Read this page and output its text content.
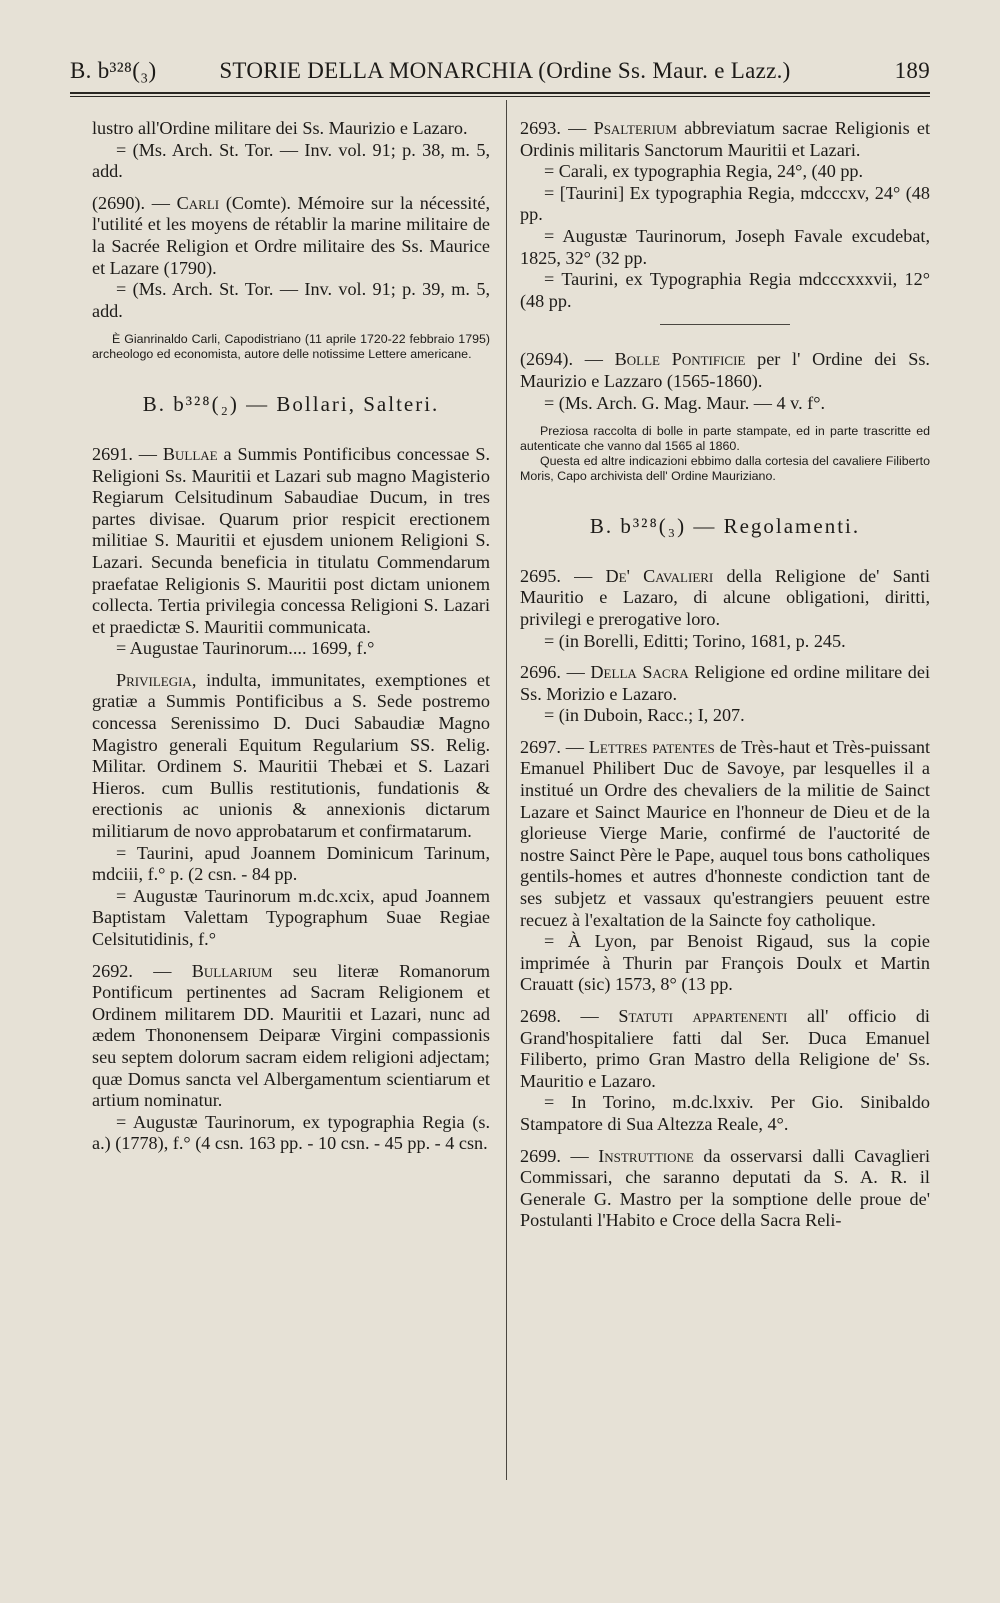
B. b³²⁸(₃)	STORIE DELLA MONARCHIA (Ordine Ss. Maur. e Lazz.)	189

lustro all'Ordine militare dei Ss. Maurizio e Lazaro.

= (Ms. Arch. St. Tor. — Inv. vol. 91; p. 38, m. 5, add.

(2690). — Carli (Comte). Mémoire sur la nécessité, l'utilité et les moyens de rétablir la marine militaire de la Sacrée Religion et Ordre militaire des Ss. Maurice et Lazare (1790).

= (Ms. Arch. St. Tor. — Inv. vol. 91; p. 39, m. 5, add.

È Gianrinaldo Carli, Capodistriano (11 aprile 1720-22 febbraio 1795) archeologo ed economista, autore delle notissime Lettere americane.
B. b³²⁸(₂) — Bollari, Salteri.

2691. — Bullae a Summis Pontificibus concessae S. Religioni Ss. Mauritii et Lazari sub magno Magisterio Regiarum Celsitudinum Sabaudiae Ducum, in tres partes divisae. Quarum prior respicit erectionem militiae S. Mauritii et ejusdem unionem Religioni S. Lazari. Secunda beneficia in titulatu Commendarum praefatae Religionis S. Mauritii post dictam unionem collecta. Tertia privilegia concessa Religioni S. Lazari et praedictæ S. Mauritii communicata.

= Augustae Taurinorum.... 1699, f.°

Privilegia, indulta, immunitates, exemptiones et gratiæ a Summis Pontificibus a S. Sede postremo concessa Serenissimo D. Duci Sabaudiæ Magno Magistro generali Equitum Regularium SS. Relig. Militar. Ordinem S. Mauritii Thebæi et S. Lazari Hieros. cum Bullis restitutionis, fundationis & erectionis ac unionis & annexionis dictarum militiarum de novo approbatarum et confirmatarum.

= Taurini, apud Joannem Dominicum Tarinum, mdciii, f.° p. (2 csn. - 84 pp.

= Augustæ Taurinorum m.dc.xcix, apud Joannem Baptistam Valettam Typographum Suae Regiae Celsitutidinis, f.°

2692. — Bullarium seu literæ Romanorum Pontificum pertinentes ad Sacram Religionem et Ordinem militarem DD. Mauritii et Lazari, nunc ad ædem Thononensem Deiparæ Virgini compassionis seu septem dolorum sacram eidem religioni adjectam; quæ Domus sancta vel Albergamentum scientiarum et artium nominatur.

= Augustæ Taurinorum, ex typographia Regia (s. a.) (1778), f.° (4 csn. 163 pp. - 10 csn. - 45 pp. - 4 csn.

2693. — Psalterium abbreviatum sacrae Religionis et Ordinis militaris Sanctorum Mauritii et Lazari.

= Carali, ex typographia Regia, 24°, (40 pp.

= [Taurini] Ex typographia Regia, mdcccxv, 24° (48 pp.

= Augustæ Taurinorum, Joseph Favale excudebat, 1825, 32° (32 pp.

= Taurini, ex Typographia Regia mdcccxxxvii, 12° (48 pp.

(2694). — Bolle Pontificie per l' Ordine dei Ss. Maurizio e Lazzaro (1565-1860).

= (Ms. Arch. G. Mag. Maur. — 4 v. f°.

Preziosa raccolta di bolle in parte stampate, ed in parte trascritte ed autenticate che vanno dal 1565 al 1860.
Questa ed altre indicazioni ebbimo dalla cortesia del cavaliere Filiberto Moris, Capo archivista dell' Ordine Mauriziano.
B. b³²⁸(₃) — Regolamenti.

2695. — De' Cavalieri della Religione de' Santi Mauritio e Lazaro, di alcune obligationi, diritti, privilegi e prerogative loro.

= (in Borelli, Editti; Torino, 1681, p. 245.

2696. — Della Sacra Religione ed ordine militare dei Ss. Morizio e Lazaro.

= (in Duboin, Racc.; I, 207.

2697. — Lettres patentes de Très-haut et Très-puissant Emanuel Philibert Duc de Savoye, par lesquelles il a institué un Ordre des chevaliers de la militie de Sainct Lazare et Sainct Maurice en l'honneur de Dieu et de la glorieuse Vierge Marie, confirmé de l'auctorité de nostre Sainct Père le Pape, auquel tous bons catholiques gentils-homes et autres d'honneste condiction tant de ses subjetz et vassaux qu'estrangiers peuuent estre recuez à l'exaltation de la Saincte foy catholique.

= À Lyon, par Benoist Rigaud, sus la copie imprimée à Thurin par François Doulx et Martin Crauatt (sic) 1573, 8° (13 pp.

2698. — Statuti appartenenti all' officio di Grand'hospitaliere fatti dal Ser. Duca Emanuel Filiberto, primo Gran Mastro della Religione de' Ss. Mauritio e Lazaro.

= In Torino, m.dc.lxxiv. Per Gio. Sinibaldo Stampatore di Sua Altezza Reale, 4°.

2699. — Instruttione da osservarsi dalli Cavaglieri Commissari, che saranno deputati da S. A. R. il Generale G. Mastro per la somptione delle proue de' Postulanti l'Habito e Croce della Sacra Reli-
